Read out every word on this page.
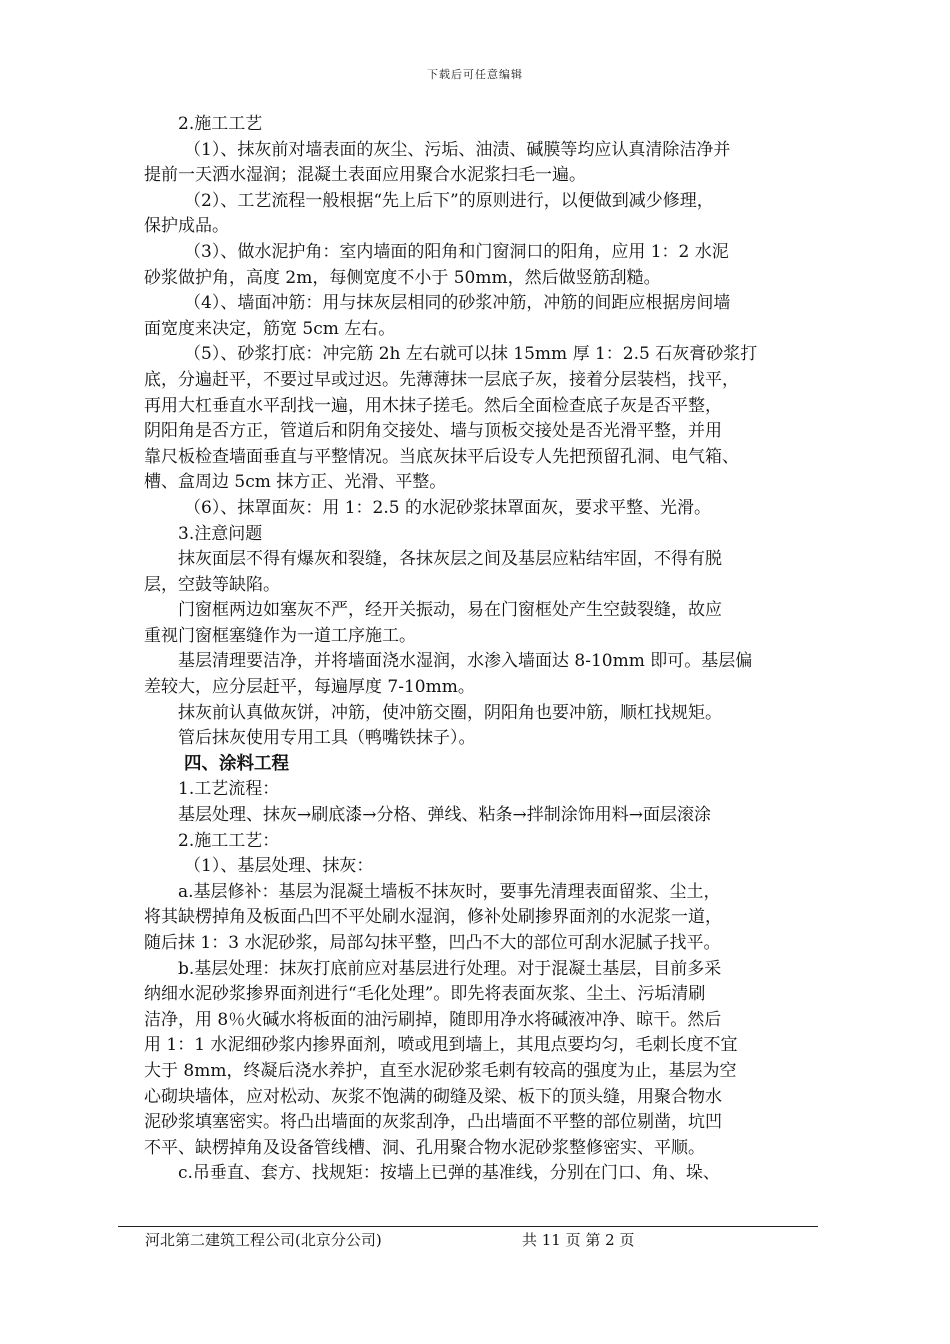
下载后可任意编辑
2.施工工艺
（1）、抹灰前对墙表面的灰尘、污垢、油渍、碱膜等均应认真清除洁净并
提前一天洒水湿润；混凝土表面应用聚合水泥浆扫毛一遍。
（2）、工艺流程一般根据“先上后下”的原则进行，以便做到减少修理，
保护成品。
（3）、做水泥护角：室内墙面的阳角和门窗洞口的阳角，应用 1：2 水泥
砂浆做护角，高度 2m，每侧宽度不小于 50mm，然后做竖筋刮糙。
（4）、墙面冲筋：用与抹灰层相同的砂浆冲筋，冲筋的间距应根据房间墙
面宽度来决定，筋宽 5cm 左右。
（5）、砂浆打底：冲完筋 2h 左右就可以抹 15mm 厚 1：2.5 石灰膏砂浆打
底，分遍赶平，不要过早或过迟。先薄薄抹一层底子灰，接着分层装档，找平，
再用大杠垂直水平刮找一遍，用木抹子搓毛。然后全面检查底子灰是否平整，
阴阳角是否方正，管道后和阴角交接处、墙与顶板交接处是否光滑平整，并用
靠尺板检查墙面垂直与平整情况。当底灰抹平后设专人先把预留孔洞、电气箱、
槽、盒周边 5cm 抹方正、光滑、平整。
（6）、抹罩面灰：用 1：2.5 的水泥砂浆抹罩面灰，要求平整、光滑。
3.注意问题
抹灰面层不得有爆灰和裂缝，各抹灰层之间及基层应粘结牢固，不得有脱
层，空鼓等缺陷。
门窗框两边如塞灰不严，经开关振动，易在门窗框处产生空鼓裂缝，故应
重视门窗框塞缝作为一道工序施工。
基层清理要洁净，并将墙面浇水湿润，水渗入墙面达 8-10mm 即可。基层偏
差较大，应分层赶平，每遍厚度 7-10mm。
抹灰前认真做灰饼，冲筋，使冲筋交圈，阴阳角也要冲筋，顺杠找规矩。
管后抹灰使用专用工具（鸭嘴铁抹子）。
四、涂料工程
1.工艺流程：
基层处理、抹灰→刷底漆→分格、弹线、粘条→拌制涂饰用料→面层滚涂
2.施工工艺：
（1）、基层处理、抹灰：
a.基层修补：基层为混凝土墙板不抹灰时，要事先清理表面留浆、尘土，
将其缺楞掉角及板面凸凹不平处刷水湿润，修补处刷掺界面剂的水泥浆一道，
随后抹 1：3 水泥砂浆，局部勾抹平整，凹凸不大的部位可刮水泥腻子找平。
b.基层处理：抹灰打底前应对基层进行处理。对于混凝土基层，目前多采
纳细水泥砂浆掺界面剂进行“毛化处理”。即先将表面灰浆、尘土、污垢清刷
洁净，用 8％火碱水将板面的油污刷掉，随即用净水将碱液冲净、晾干。然后
用 1：1 水泥细砂浆内掺界面剂，喷或甩到墙上，其甩点要均匀，毛刺长度不宜
大于 8mm，终凝后浇水养护，直至水泥砂浆毛刺有较高的强度为止，基层为空
心砌块墙体，应对松动、灰浆不饱满的砌缝及梁、板下的顶头缝，用聚合物水
泥砂浆填塞密实。将凸出墙面的灰浆刮净，凸出墙面不平整的部位剔凿，坑凹
不平、缺楞掉角及设备管线槽、洞、孔用聚合物水泥砂浆整修密实、平顺。
c.吊垂直、套方、找规矩：按墙上已弹的基准线，分别在门口、角、垛、
河北第二建筑工程公司(北京分公司)	共 11 页 第 2 页
